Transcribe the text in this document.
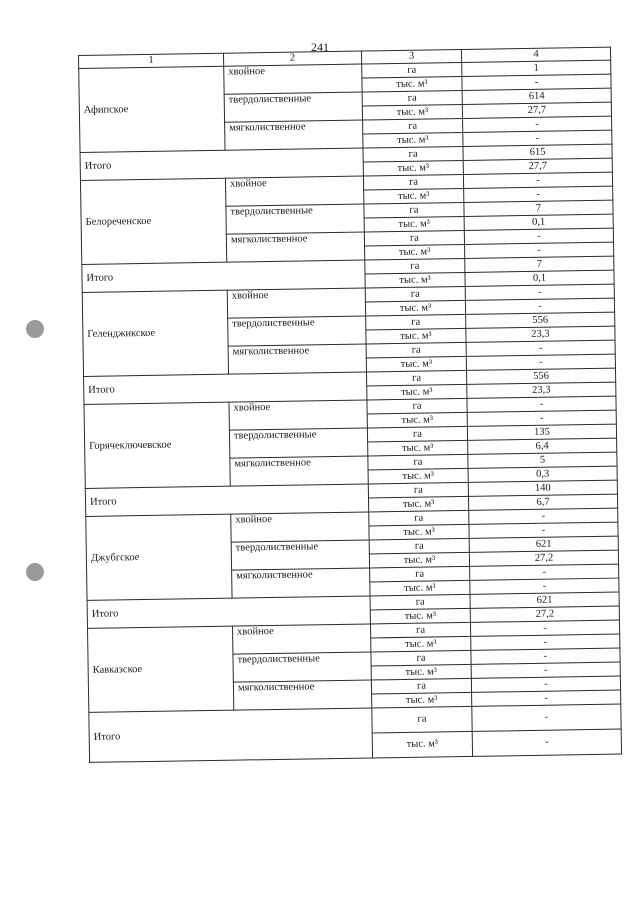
241
1	2	3	4
Афипское	хвойное	га	1
		тыс. м³	-
	твердолиственные	га	614
		тыс. м³	27,7
	мягколиственное	га	-
		тыс. м³	-
Итого		га	615
		тыс. м³	27,7
Белореченское	хвойное	га	-
		тыс. м³	-
	твердолиственные	га	7
		тыс. м³	0,1
	мягколиственное	га	-
		тыс. м³	-
Итого		га	7
		тыс. м³	0,1
Геленджикское	хвойное	га	-
		тыс. м³	-
	твердолиственные	га	556
		тыс. м³	23,3
	мягколиственное	га	-
		тыс. м³	-
Итого		га	556
		тыс. м³	23,3
Горячеключевское	хвойное	га	-
		тыс. м³	-
	твердолиственные	га	135
		тыс. м³	6,4
	мягколиственное	га	5
		тыс. м³	0,3
Итого		га	140
		тыс. м³	6,7
Джубгское	хвойное	га	-
		тыс. м³	-
	твердолиственные	га	621
		тыс. м³	27,2
	мягколиственное	га	-
		тыс. м³	-
Итого		га	621
		тыс. м³	27,2
Кавказское	хвойное	га	-
		тыс. м³	-
	твердолиственные	га	-
		тыс. м³	-
	мягколиственное	га	-
		тыс. м³	-
Итого		га	-
		тыс. м³	-
